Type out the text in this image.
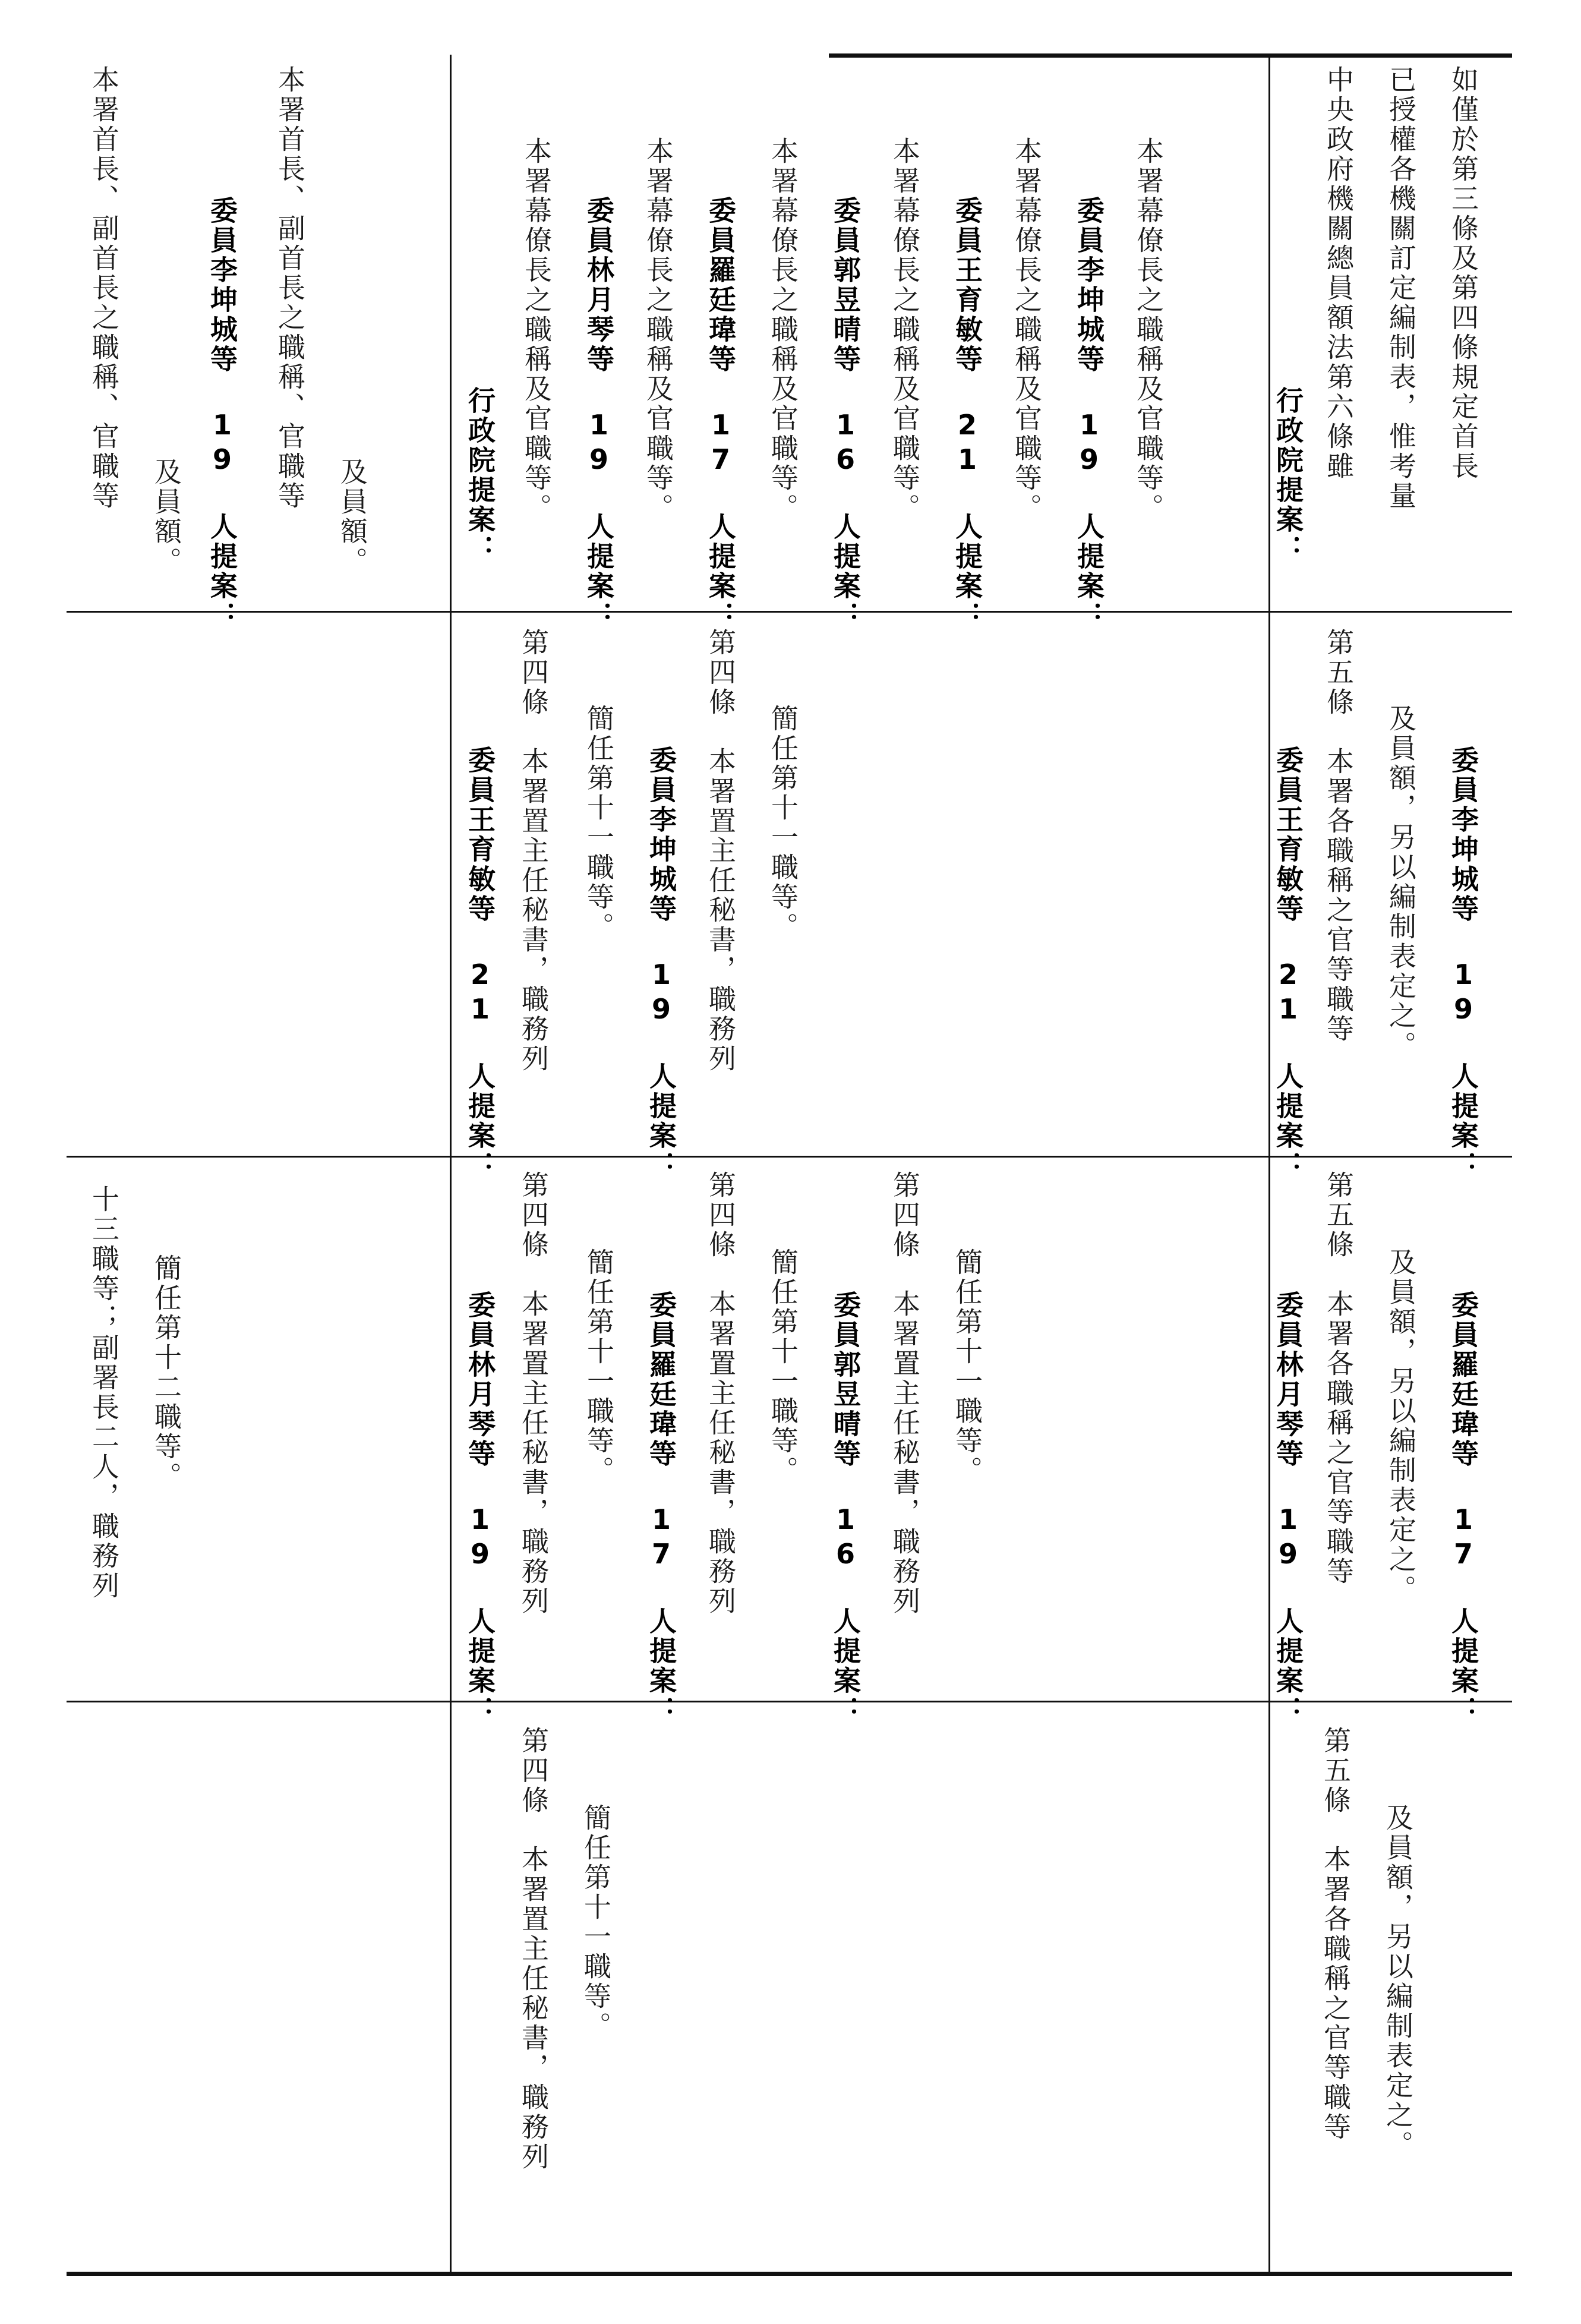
十三職等；副署長二人，職務列 簡任第十二職等。
本署首長、副首長之職稱、官職等
及員額。 委員李坤城等 19 人提案： 本署首長、副首長之職稱、官職等
及員額。
第四條　本署置主任秘書，職務列 簡任第十一職等。
委員林月琴等 19 人提案： 第四條　本署置主任秘書，職務列 簡任第十一職等。 委員羅廷瑋等 17 人提案： 第四條　本署置主任秘書，職務列 簡任第十一職等。 委員郭昱晴等 16 人提案： 第四條　本署置主任秘書，職務列 簡任第十一職等。
委員王育敏等 21 人提案： 第四條　本署置主任秘書，職務列 簡任第十一職等。 委員李坤城等 19 人提案： 第四條　本署置主任秘書，職務列 簡任第十一職等。
行政院提案： 本署幕僚長之職稱及官職等。 委員林月琴等 19 人提案： 本署幕僚長之職稱及官職等。 委員羅廷瑋等 17 人提案： 本署幕僚長之職稱及官職等。 委員郭昱晴等 16 人提案： 本署幕僚長之職稱及官職等。 委員王育敏等 21 人提案： 本署幕僚長之職稱及官職等。 委員李坤城等 19 人提案： 本署幕僚長之職稱及官職等。
第五條　本署各職稱之官等職等 及員額，另以編制表定之。
委員林月琴等 19 人提案： 第五條　本署各職稱之官等職等 及員額，另以編制表定之。 委員羅廷瑋等 17 人提案：
委員王育敏等 21 人提案： 第五條　本署各職稱之官等職等 及員額，另以編制表定之。 委員李坤城等 19 人提案：
行政院提案： 中央政府機關總員額法第六條雖 已授權各機關訂定編制表，惟考量 如僅於第三條及第四條規定首長
